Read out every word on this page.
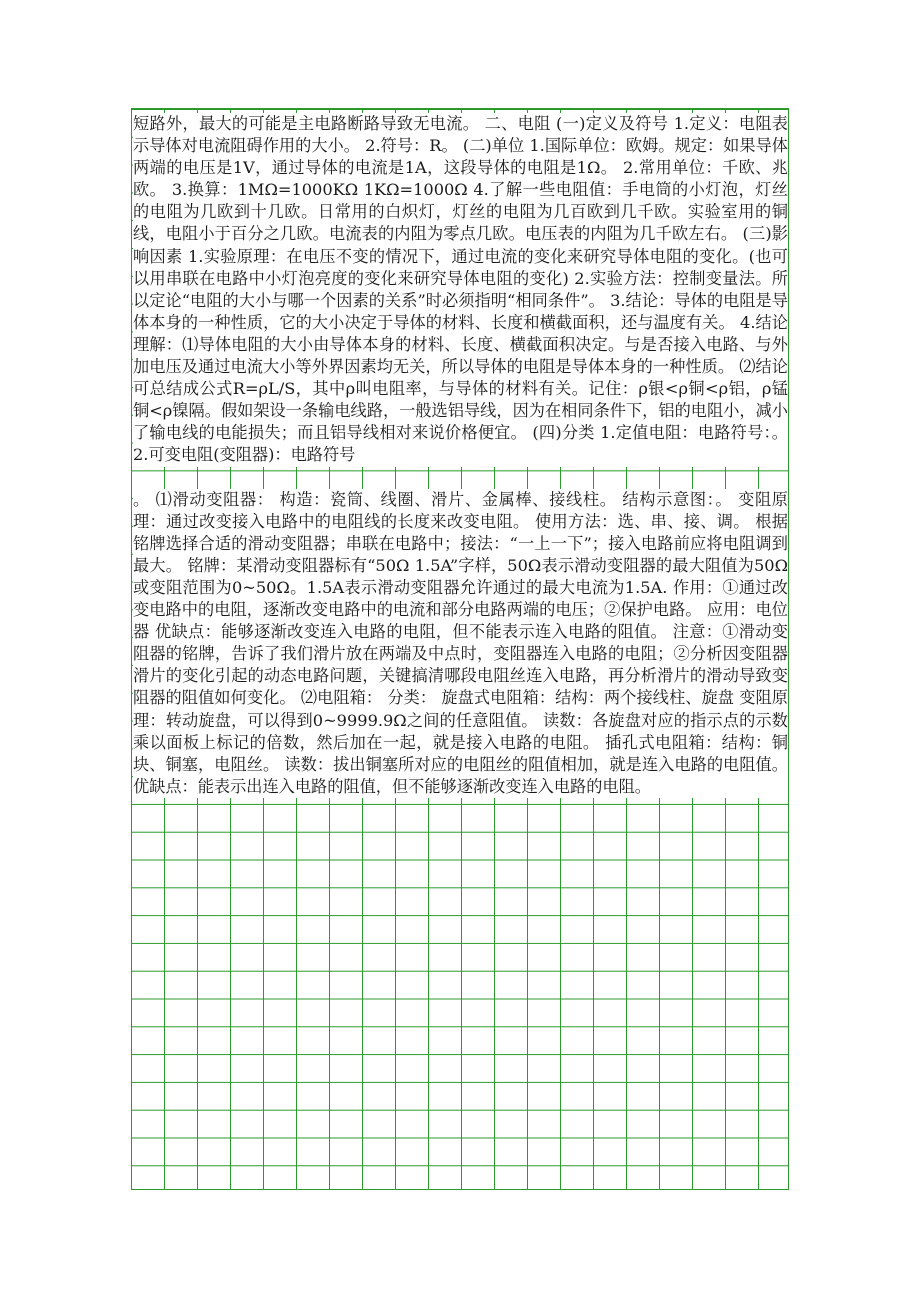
短路外，最大的可能是主电路断路导致无电流。 二、电阻 (一)定义及符号 1.定义：电阻表示导体对电流阻碍作用的大小。 2.符号：R。 (二)单位 1.国际单位：欧姆。规定：如果导体两端的电压是1V，通过导体的电流是1A，这段导体的电阻是1Ω。 2.常用单位：千欧、兆欧。 3.换算：1MΩ=1000KΩ 1KΩ=1000Ω 4.了解一些电阻值：手电筒的小灯泡，灯丝的电阻为几欧到十几欧。日常用的白炽灯，灯丝的电阻为几百欧到几千欧。实验室用的铜线，电阻小于百分之几欧。电流表的内阻为零点几欧。电压表的内阻为几千欧左右。 (三)影响因素 1.实验原理：在电压不变的情况下，通过电流的变化来研究导体电阻的变化。(也可以用串联在电路中小灯泡亮度的变化来研究导体电阻的变化) 2.实验方法：控制变量法。所以定论“电阻的大小与哪一个因素的关系”时必须指明“相同条件”。 3.结论：导体的电阻是导体本身的一种性质，它的大小决定于导体的材料、长度和横截面积，还与温度有关。 4.结论理解：⑴导体电阻的大小由导体本身的材料、长度、横截面积决定。与是否接入电路、与外加电压及通过电流大小等外界因素均无关，所以导体的电阻是导体本身的一种性质。 ⑵结论可总结成公式R=ρL/S，其中ρ叫电阻率，与导体的材料有关。记住：ρ银<ρ铜<ρ铝，ρ锰铜<ρ镍隔。假如架设一条输电线路，一般选铝导线，因为在相同条件下，铝的电阻小，减小了输电线的电能损失；而且铝导线相对来说价格便宜。 (四)分类 1.定值电阻：电路符号：。 2.可变电阻(变阻器)：电路符号

。 ⑴滑动变阻器： 构造：瓷筒、线圈、滑片、金属棒、接线柱。 结构示意图：。 变阻原理：通过改变接入电路中的电阻线的长度来改变电阻。 使用方法：选、串、接、调。 根据铭牌选择合适的滑动变阻器；串联在电路中；接法：“一上一下”；接入电路前应将电阻调到最大。 铭牌：某滑动变阻器标有“50Ω 1.5A”字样，50Ω表示滑动变阻器的最大阻值为50Ω或变阻范围为0~50Ω。1.5A表示滑动变阻器允许通过的最大电流为1.5A. 作用：①通过改变电路中的电阻，逐渐改变电路中的电流和部分电路两端的电压；②保护电路。 应用：电位器 优缺点：能够逐渐改变连入电路的电阻，但不能表示连入电路的阻值。 注意：①滑动变阻器的铭牌，告诉了我们滑片放在两端及中点时，变阻器连入电路的电阻；②分析因变阻器滑片的变化引起的动态电路问题，关键搞清哪段电阻丝连入电路，再分析滑片的滑动导致变阻器的阻值如何变化。 ⑵电阻箱： 分类： 旋盘式电阻箱：结构：两个接线柱、旋盘 变阻原理：转动旋盘，可以得到0~9999.9Ω之间的任意阻值。 读数：各旋盘对应的指示点的示数乘以面板上标记的倍数，然后加在一起，就是接入电路的电阻。 插孔式电阻箱：结构：铜块、铜塞，电阻丝。 读数：拔出铜塞所对应的电阻丝的阻值相加，就是连入电路的电阻值。 优缺点：能表示出连入电路的阻值，但不能够逐渐改变连入电路的电阻。
